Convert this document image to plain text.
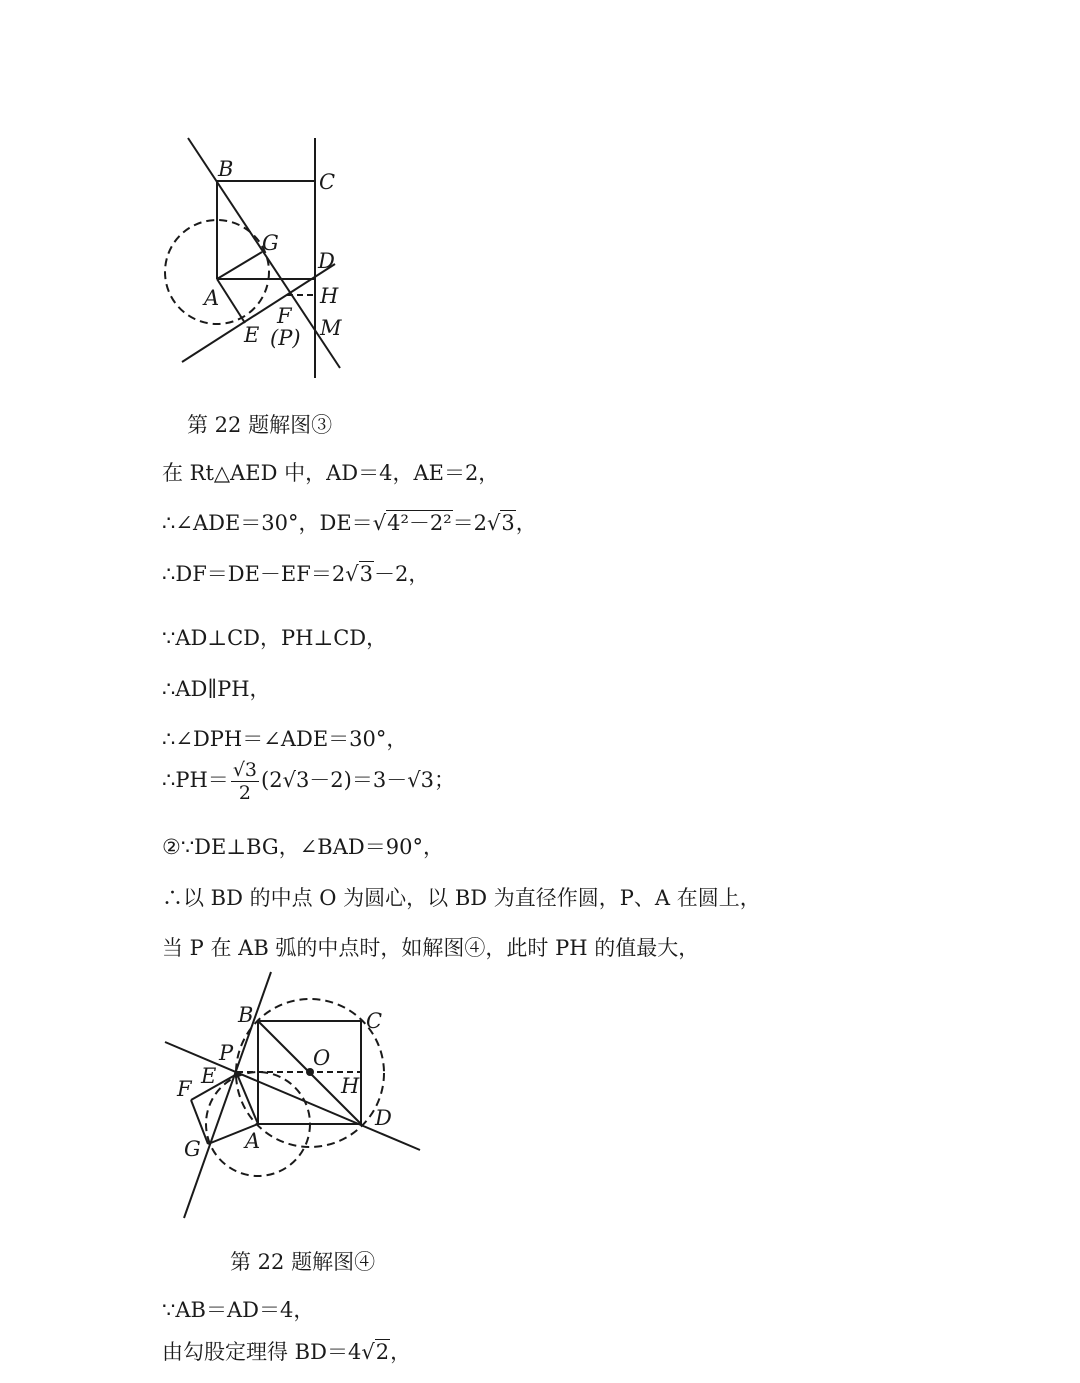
B
C
G
D
A	H
F M
E (P)
第 22 题解图③
在 Rt△AED 中，AD＝4，AE＝2，
∴∠ADE＝30°，DE＝√4²－2²＝2√3，
∴DF＝DE－EF＝2√3－2，
∵AD⊥CD，PH⊥CD，
∴AD∥PH，
∴∠DPH＝∠ADE＝30°，
∴PH＝ $\frac{√3}{2} (2√3-2)=3-√3$；
②∵DE⊥BG，∠BAD＝90°，
∴以 BD 的中点 O 为圆心，以 BD 为直径作圆，P、A 在圆上，
当 P 在 AB 弧的中点时，如解图④，此时 PH 的值最大，
B	C
P	O
E
F	H
D
G A
第 22 题解图④
∵AB＝AD＝4，
由勾股定理得 BD＝4√2，
